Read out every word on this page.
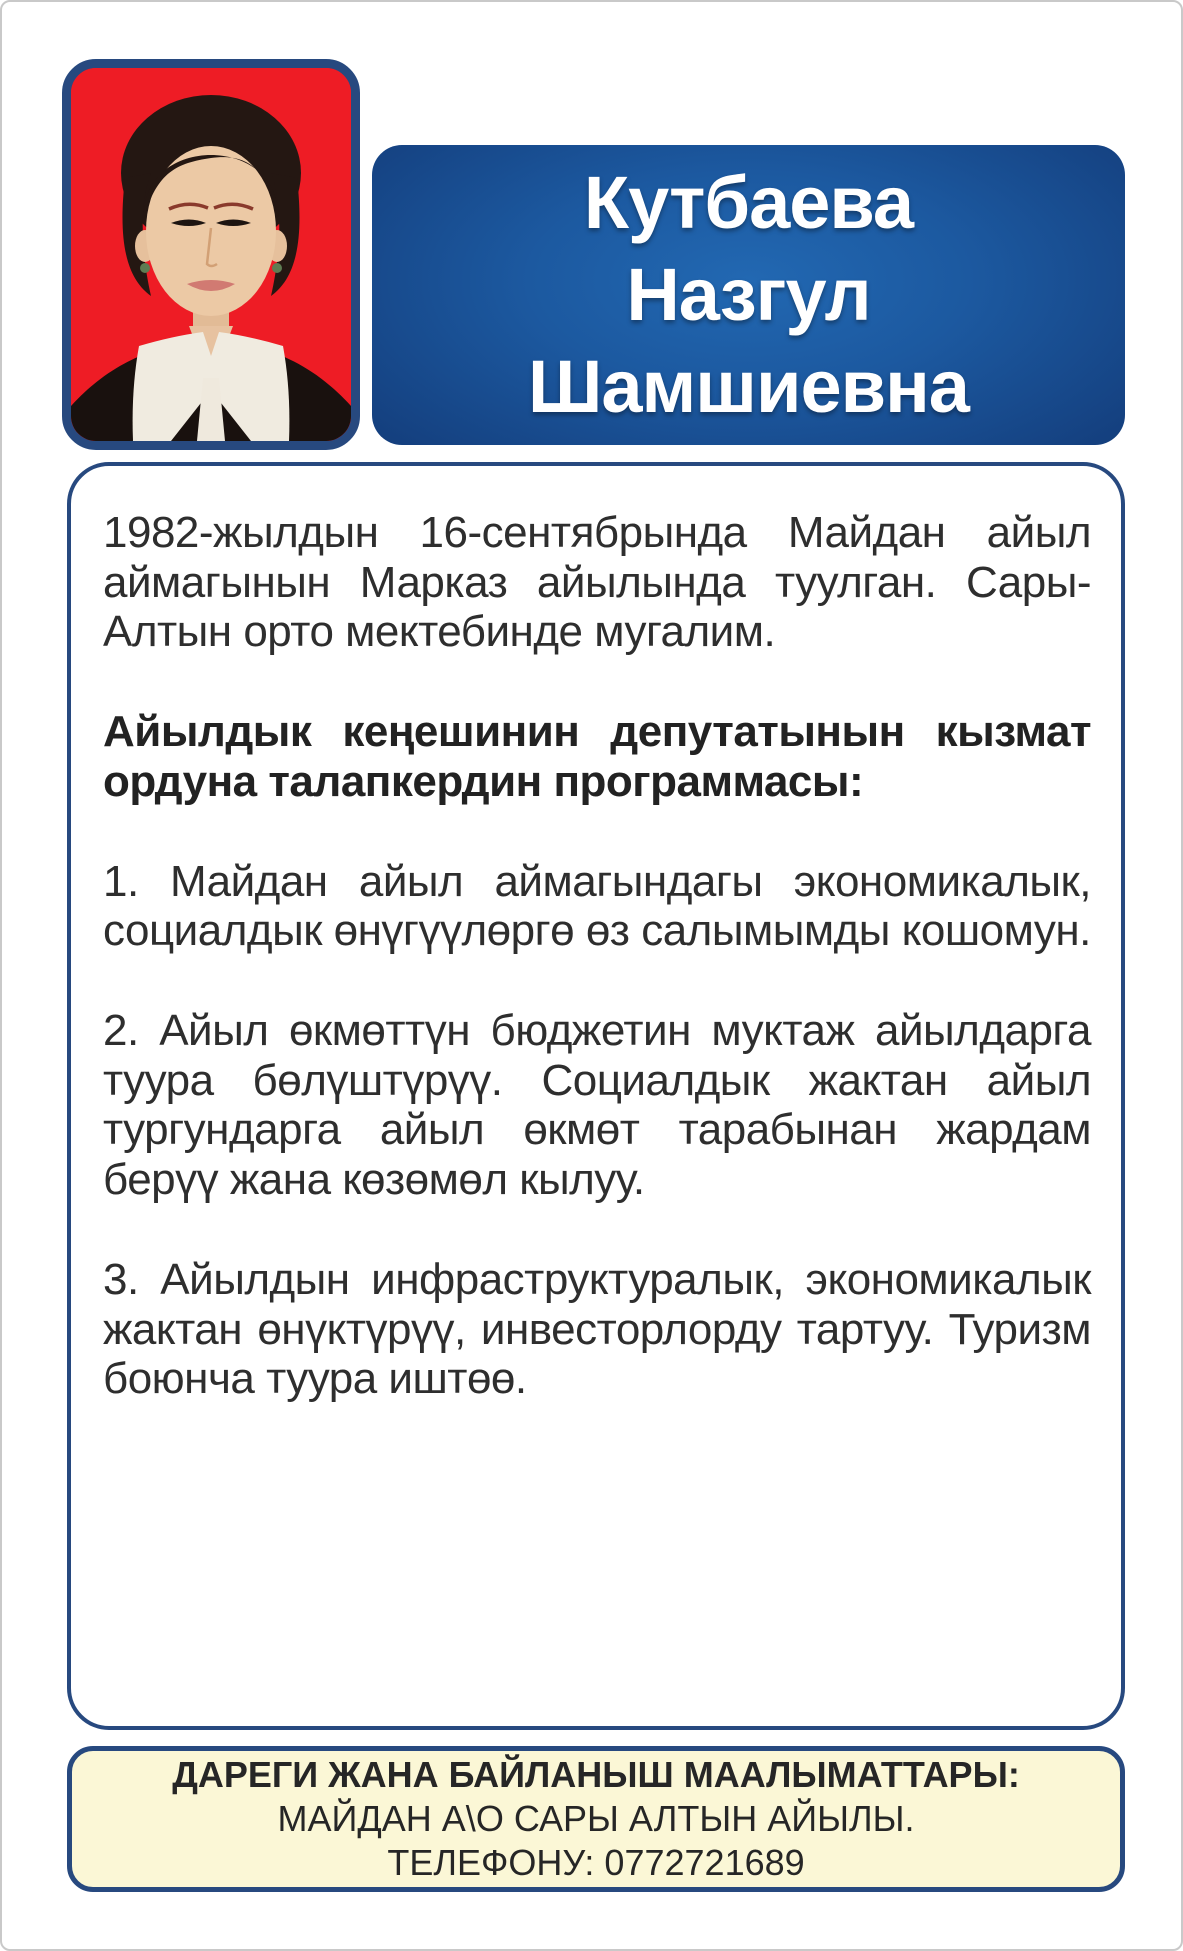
Кутбаева
Назгул
Шамшиевна

1982-жылдын 16-сентябрында Майдан айыл аймагынын Марказ айылында туулган. Сары-Алтын орто мектебинде мугалим.

Айылдык кеңешинин депутатынын кызмат ордуна талапкердин программасы:

1. Майдан айыл аймагындагы экономикалык, социалдык өнүгүүлөргө өз салымымды кошомун.

2. Айыл өкмөттүн бюджетин муктаж айылдарга туура бөлүштүрүү. Социалдык жактан айыл тургундарга айыл өкмөт тарабынан жардам берүү жана көзөмөл кылуу.

3. Айылдын инфраструктуралык, экономикалык жактан өнүктүрүү, инвесторлорду тартуу. Туризм боюнча туура иштөө.

ДАРЕГИ ЖАНА БАЙЛАНЫШ МААЛЫМАТТАРЫ:
МАЙДАН А\О САРЫ АЛТЫН АЙЫЛЫ.
ТЕЛЕФОНУ: 0772721689
